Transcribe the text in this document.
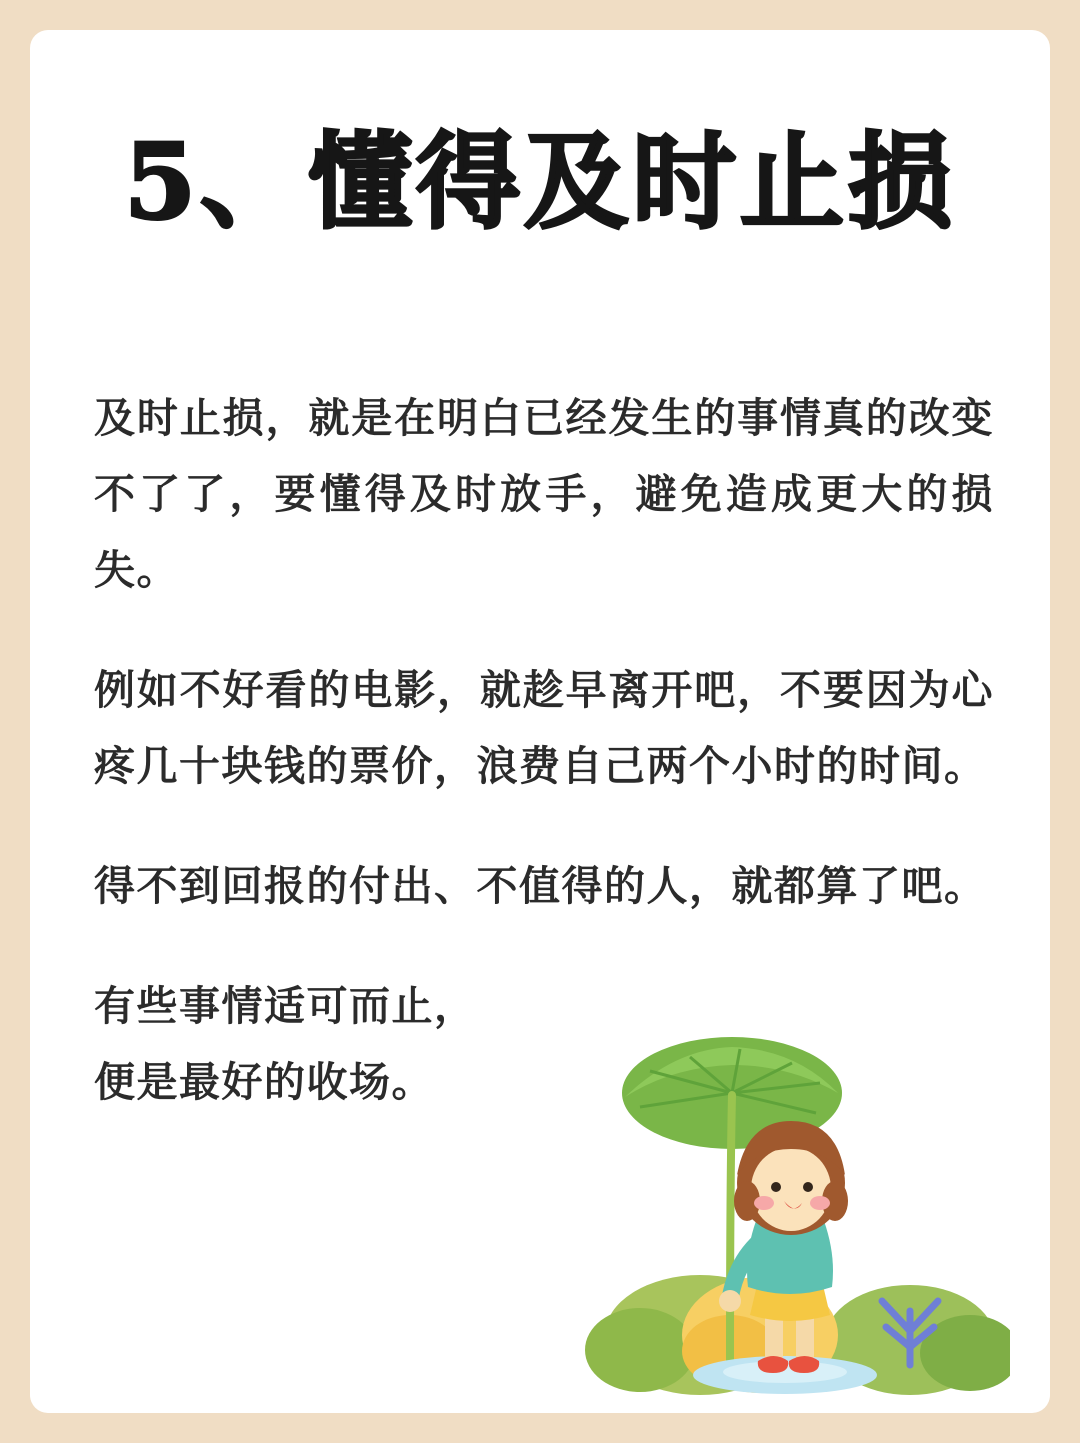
5、懂得及时止损

及时止损，就是在明白已经发生的事情真的改变不了了，要懂得及时放手，避免造成更大的损失。

例如不好看的电影，就趁早离开吧，不要因为心疼几十块钱的票价，浪费自己两个小时的时间。

得不到回报的付出、不值得的人，就都算了吧。

有些事情适可而止，
便是最好的收场。
